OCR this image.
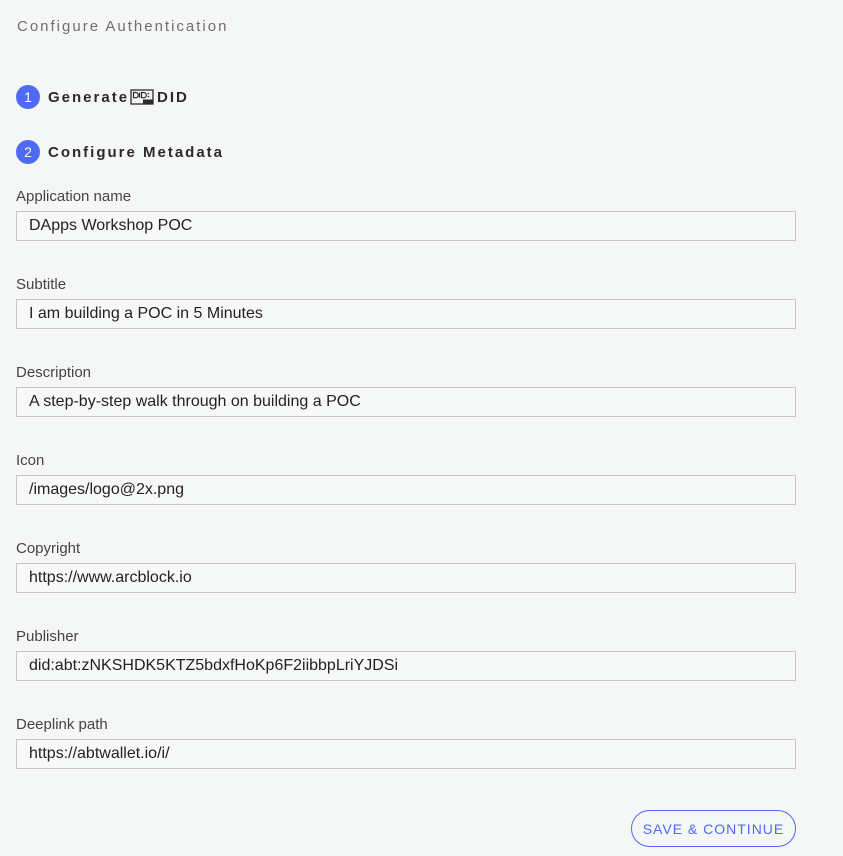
Configure Authentication
1	Generate DID
2	Configure Metadata
Application name
DApps Workshop POC
Subtitle
I am building a POC in 5 Minutes
Description
A step-by-step walk through on building a POC
Icon
/images/logo@2x.png
Copyright
https://www.arcblock.io
Publisher
did:abt:zNKSHDK5KTZ5bdxfHoKp6F2iibbpLriYJDSi
Deeplink path
https://abtwallet.io/i/
SAVE & CONTINUE
